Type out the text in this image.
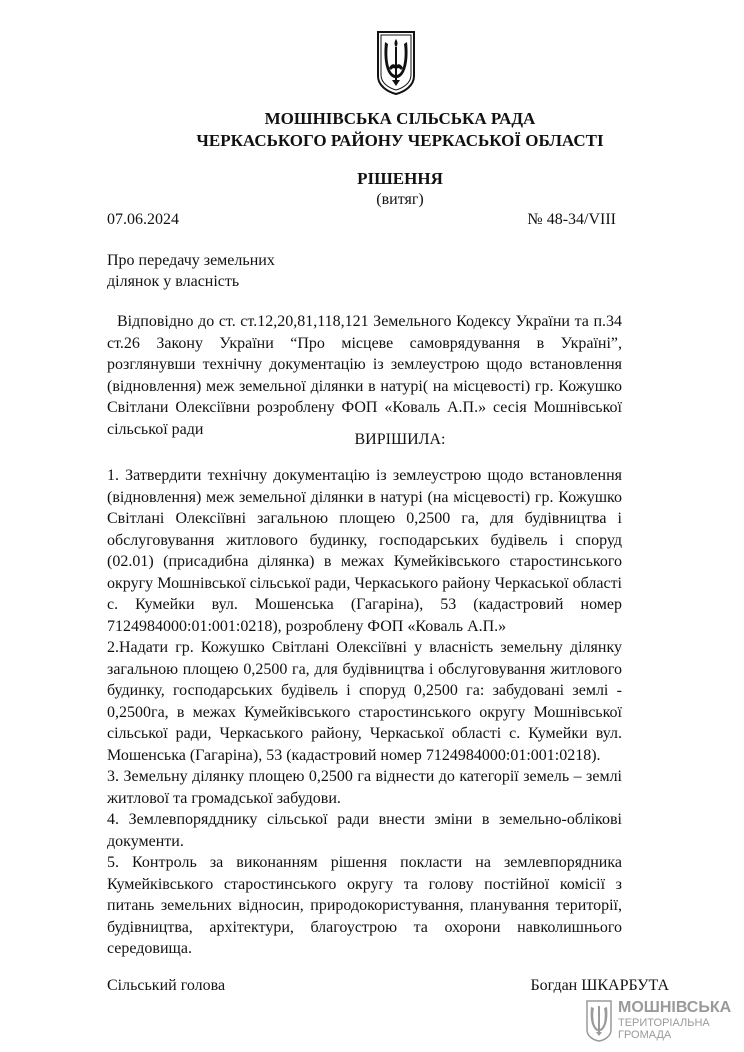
МОШНІВСЬКА СІЛЬСЬКА РАДА
ЧЕРКАСЬКОГО РАЙОНУ ЧЕРКАСЬКОЇ ОБЛАСТІ
РІШЕННЯ
(витяг)
07.06.2024	№ 48-34/VIII
Про передачу земельних
ділянок у власність
Відповідно до ст. ст.12,20,81,118,121 Земельного Кодексу України та п.34 ст.26 Закону України “Про місцеве самоврядування в Україні”, розглянувши технічну документацію із землеустрою щодо встановлення (відновлення) меж земельної ділянки в натурі( на місцевості) гр. Кожушко Світлани Олексіївни розроблену ФОП «Коваль А.П.» сесія Мошнівської сільської ради
ВИРІШИЛА:

1. Затвердити технічну документацію із землеустрою щодо встановлення (відновлення) меж земельної ділянки в натурі (на місцевості) гр. Кожушко Світлані Олексіївні загальною площею 0,2500 га, для будівництва і обслуговування житлового будинку, господарських будівель і споруд (02.01) (присадибна ділянка) в межах Кумейківського старостинського округу Мошнівської сільської ради, Черкаського району Черкаської області с. Кумейки вул. Мошенська (Гагаріна), 53 (кадастровий номер 7124984000:01:001:0218), розроблену ФОП «Коваль А.П.»

2.Надати гр. Кожушко Світлані Олексіївні у власність земельну ділянку загальною площею 0,2500 га, для будівництва і обслуговування житлового будинку, господарських будівель і споруд 0,2500 га: забудовані землі - 0,2500га, в межах Кумейківського старостинського округу Мошнівської сільської ради, Черкаського району, Черкаської області с. Кумейки вул. Мошенська (Гагаріна), 53 (кадастровий номер 7124984000:01:001:0218).

3. Земельну ділянку площею 0,2500 га віднести до категорії земель – землі житлової та громадської забудови.

4. Землевпорядднику сільської ради внести зміни в земельно-облікові документи.

5. Контроль за виконанням рішення покласти на землевпорядника Кумейківського старостинського округу та голову постійної комісії з питань земельних відносин, природокористування, планування території, будівництва, архітектури, благоустрою та охорони навколишнього середовища.

Сільський голова	Богдан ШКАРБУТА
МОШНІВСЬКА
ТЕРИТОРІАЛЬНА
ГРОМАДА
